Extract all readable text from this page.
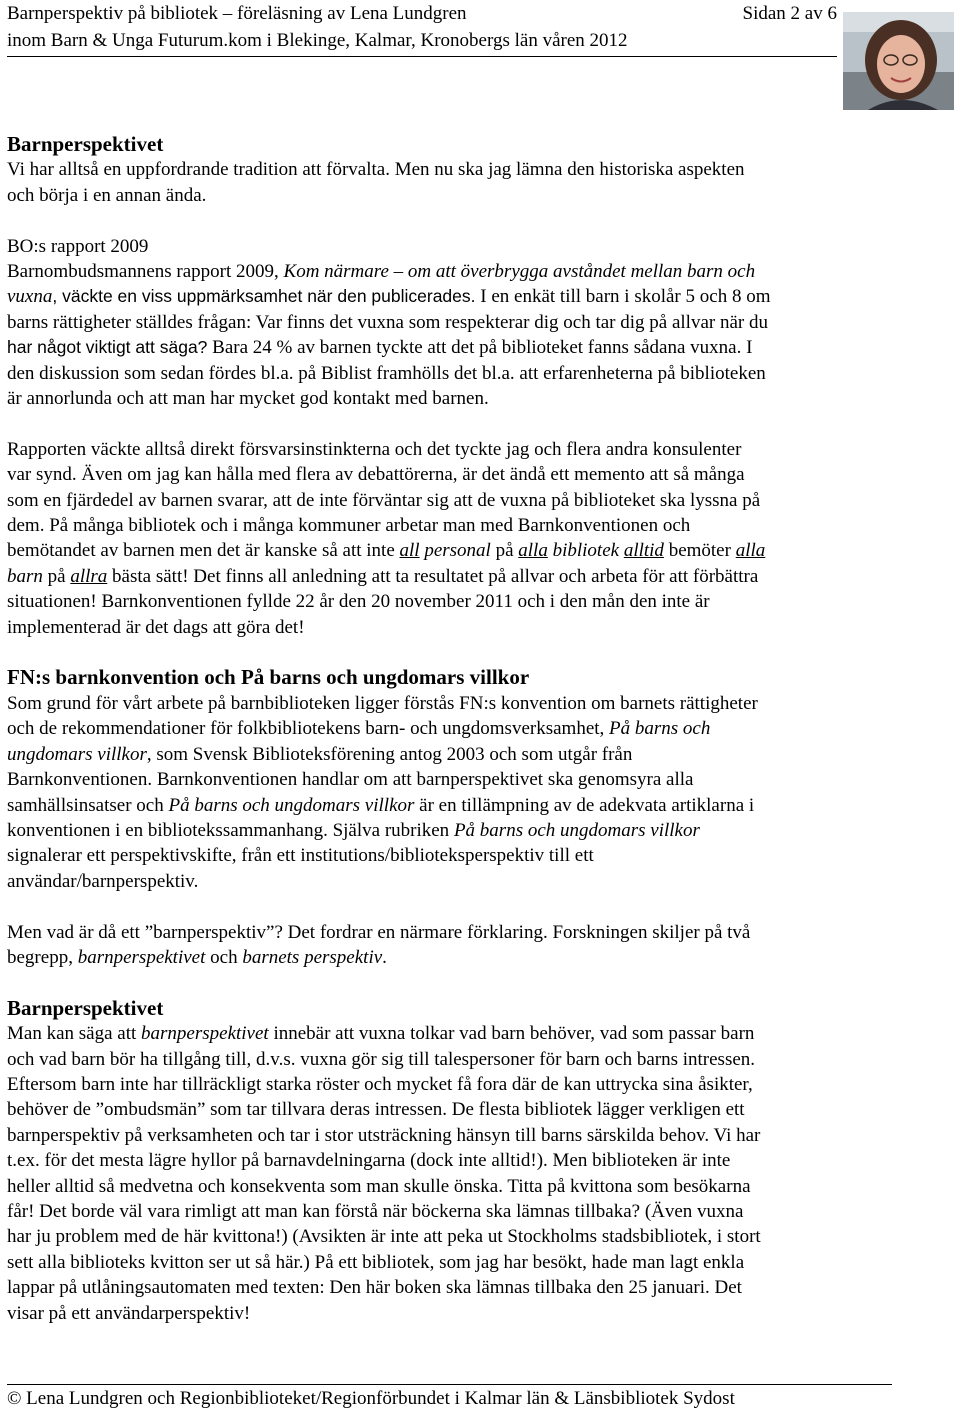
Barnperspektiv på bibliotek – föreläsning av Lena Lundgren	Sidan 2 av 6
inom Barn & Unga Futurum.kom i Blekinge, Kalmar, Kronobergs län våren 2012

Barnperspektivet

Vi har alltså en uppfordrande tradition att förvalta. Men nu ska jag lämna den historiska aspekten

och börja i en annan ända.

BO:s rapport 2009

Barnombudsmannens rapport 2009, Kom närmare – om att överbrygga avståndet mellan barn och

vuxna, väckte en viss uppmärksamhet när den publicerades. I en enkät till barn i skolår 5 och 8 om

barns rättigheter ställdes frågan: Var finns det vuxna som respekterar dig och tar dig på allvar när du

har något viktigt att säga? Bara 24 % av barnen tyckte att det på biblioteket fanns sådana vuxna. I

den diskussion som sedan fördes bl.a. på Biblist framhölls det bl.a. att erfarenheterna på biblioteken

är annorlunda och att man har mycket god kontakt med barnen.

Rapporten väckte alltså direkt försvarsinstinkterna och det tyckte jag och flera andra konsulenter

var synd. Även om jag kan hålla med flera av debattörerna, är det ändå ett memento att så många

som en fjärdedel av barnen svarar, att de inte förväntar sig att de vuxna på biblioteket ska lyssna på

dem. På många bibliotek och i många kommuner arbetar man med Barnkonventionen och

bemötandet av barnen men det är kanske så att inte all personal på alla bibliotek alltid bemöter alla

barn på allra bästa sätt! Det finns all anledning att ta resultatet på allvar och arbeta för att förbättra

situationen! Barnkonventionen fyllde 22 år den 20 november 2011 och i den mån den inte är

implementerad är det dags att göra det!

FN:s barnkonvention och På barns och ungdomars villkor

Som grund för vårt arbete på barnbiblioteken ligger förstås FN:s konvention om barnets rättigheter

och de rekommendationer för folkbibliotekens barn- och ungdomsverksamhet, På barns och

ungdomars villkor, som Svensk Biblioteksförening antog 2003 och som utgår från

Barnkonventionen. Barnkonventionen handlar om att barnperspektivet ska genomsyra alla

samhällsinsatser och På barns och ungdomars villkor är en tillämpning av de adekvata artiklarna i

konventionen i en bibliotekssammanhang. Själva rubriken På barns och ungdomars villkor

signalerar ett perspektivskifte, från ett institutions/biblioteksperspektiv till ett

användar/barnperspektiv.

Men vad är då ett ”barnperspektiv”? Det fordrar en närmare förklaring. Forskningen skiljer på två

begrepp, barnperspektivet och barnets perspektiv.

Barnperspektivet

Man kan säga att barnperspektivet innebär att vuxna tolkar vad barn behöver, vad som passar barn

och vad barn bör ha tillgång till, d.v.s. vuxna gör sig till talespersoner för barn och barns intressen.

Eftersom barn inte har tillräckligt starka röster och mycket få fora där de kan uttrycka sina åsikter,

behöver de ”ombudsmän” som tar tillvara deras intressen. De flesta bibliotek lägger verkligen ett

barnperspektiv på verksamheten och tar i stor utsträckning hänsyn till barns särskilda behov. Vi har

t.ex. för det mesta lägre hyllor på barnavdelningarna (dock inte alltid!). Men biblioteken är inte

heller alltid så medvetna och konsekventa som man skulle önska. Titta på kvittona som besökarna

får! Det borde väl vara rimligt att man kan förstå när böckerna ska lämnas tillbaka? (Även vuxna

har ju problem med de här kvittona!) (Avsikten är inte att peka ut Stockholms stadsbibliotek, i stort

sett alla biblioteks kvitton ser ut så här.) På ett bibliotek, som jag har besökt, hade man lagt enkla

lappar på utlåningsautomaten med texten: Den här boken ska lämnas tillbaka den 25 januari. Det

visar på ett användarperspektiv!

© Lena Lundgren och Regionbiblioteket/Regionförbundet i Kalmar län & Länsbibliotek Sydost
